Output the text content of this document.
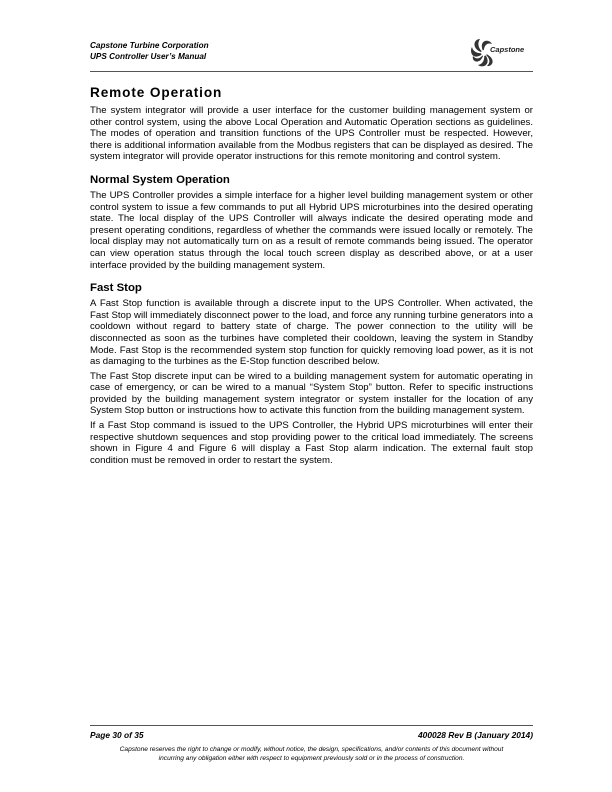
Capstone Turbine Corporation
UPS Controller User’s Manual
Capstone
Remote Operation

The system integrator will provide a user interface for the customer building management system or other control system, using the above Local Operation and Automatic Operation sections as guidelines. The modes of operation and transition functions of the UPS Controller must be respected. However, there is additional information available from the Modbus registers that can be displayed as desired. The system integrator will provide operator instructions for this remote monitoring and control system.

Normal System Operation

The UPS Controller provides a simple interface for a higher level building management system or other control system to issue a few commands to put all Hybrid UPS microturbines into the desired operating state. The local display of the UPS Controller will always indicate the desired operating mode and present operating conditions, regardless of whether the commands were issued locally or remotely. The local display may not automatically turn on as a result of remote commands being issued. The operator can view operation status through the local touch screen display as described above, or at a user interface provided by the building management system.

Fast Stop

A Fast Stop function is available through a discrete input to the UPS Controller. When activated, the Fast Stop will immediately disconnect power to the load, and force any running turbine generators into a cooldown without regard to battery state of charge. The power connection to the utility will be disconnected as soon as the turbines have completed their cooldown, leaving the system in Standby Mode. Fast Stop is the recommended system stop function for quickly removing load power, as it is not as damaging to the turbines as the E-Stop function described below.

The Fast Stop discrete input can be wired to a building management system for automatic operating in case of emergency, or can be wired to a manual “System Stop” button. Refer to specific instructions provided by the building management system integrator or system installer for the location of any System Stop button or instructions how to activate this function from the building management system.

If a Fast Stop command is issued to the UPS Controller, the Hybrid UPS microturbines will enter their respective shutdown sequences and stop providing power to the critical load immediately. The screens shown in Figure 4 and Figure 6 will display a Fast Stop alarm indication. The external fault stop condition must be removed in order to restart the system.

Page 30 of 35	400028 Rev B (January 2014)
Capstone reserves the right to change or modify, without notice, the design, specifications, and/or contents of this document without
incurring any obligation either with respect to equipment previously sold or in the process of construction.
